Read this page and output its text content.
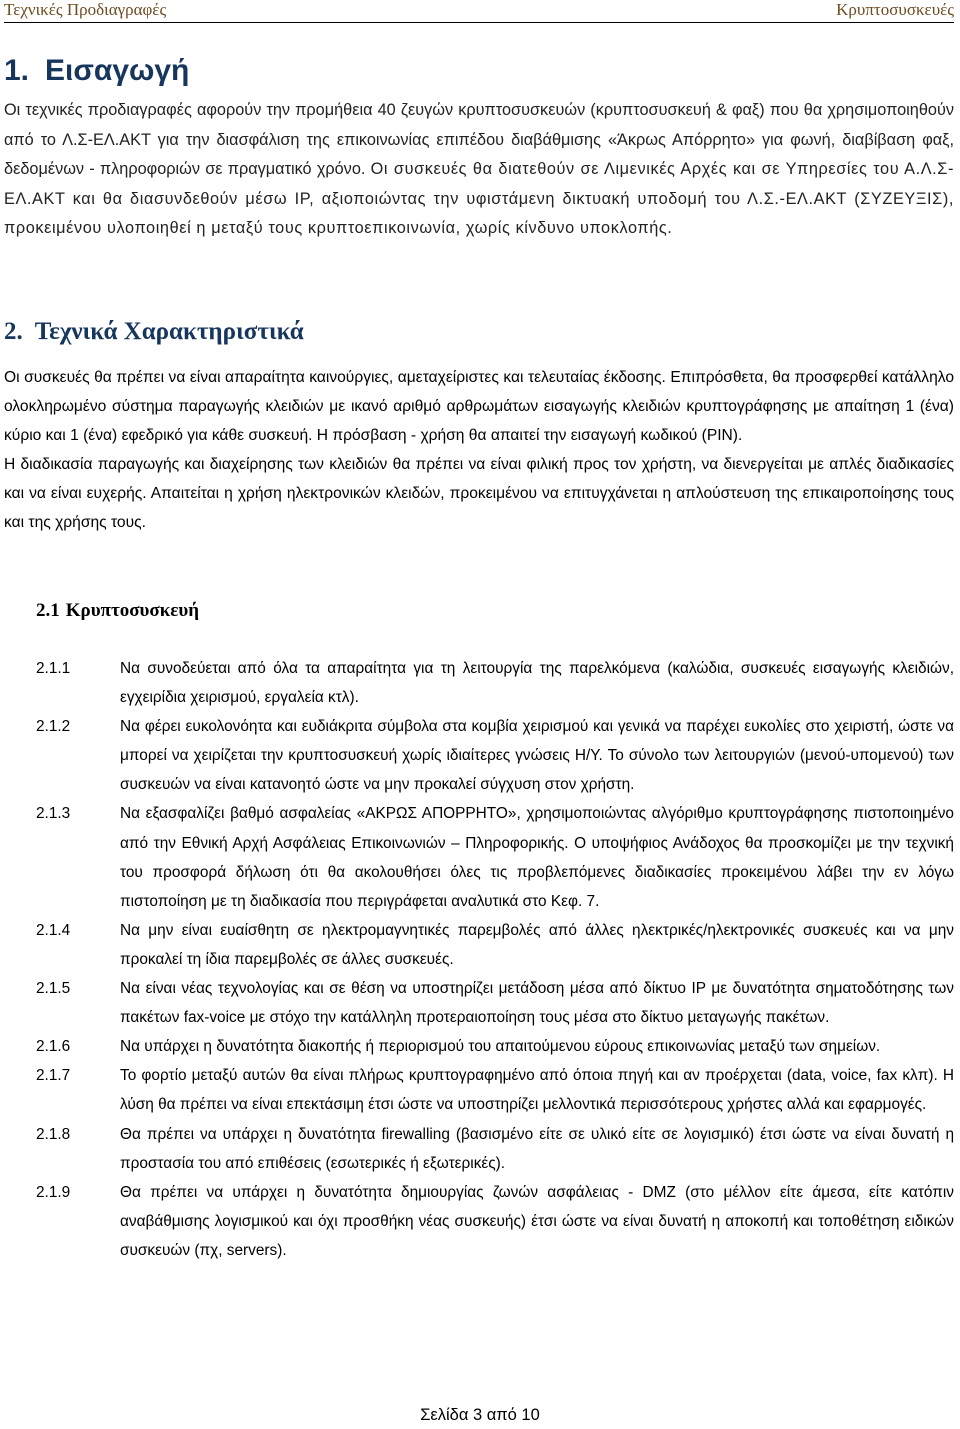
Τεχνικές Προδιαγραφές	Κρυπτοσυσκευές
1. Εισαγωγή

Οι τεχνικές προδιαγραφές αφορούν την προμήθεια 40 ζευγών κρυπτοσυσκευών (κρυπτοσυσκευή & φαξ) που θα χρησιμοποιηθούν από το Λ.Σ-ΕΛ.ΑΚΤ για την διασφάλιση της επικοινωνίας επιπέδου διαβάθμισης «Άκρως Απόρρητο» για φωνή, διαβίβαση φαξ, δεδομένων - πληροφοριών σε πραγματικό χρόνο. Οι συσκευές θα διατεθούν σε Λιμενικές Αρχές και σε Υπηρεσίες του Α.Λ.Σ-ΕΛ.ΑΚΤ και θα διασυνδεθούν μέσω IP, αξιοποιώντας την υφιστάμενη δικτυακή υποδομή του Λ.Σ.-ΕΛ.ΑΚΤ (ΣΥΖΕΥΞΙΣ), προκειμένου υλοποιηθεί η μεταξύ τους κρυπτοεπικοινωνία, χωρίς κίνδυνο υποκλοπής.

2. Τεχνικά Χαρακτηριστικά

Οι συσκευές θα πρέπει να είναι απαραίτητα καινούργιες, αμεταχείριστες και τελευταίας έκδοσης. Επιπρόσθετα, θα προσφερθεί κατάλληλο ολοκληρωμένο σύστημα παραγωγής κλειδιών με ικανό αριθμό αρθρωμάτων εισαγωγής κλειδιών κρυπτογράφησης με απαίτηση 1 (ένα) κύριο και 1 (ένα) εφεδρικό για κάθε συσκευή. Η πρόσβαση - χρήση θα απαιτεί την εισαγωγή κωδικού (PIN).

Η διαδικασία παραγωγής και διαχείρησης των κλειδιών θα πρέπει να είναι φιλική προς τον χρήστη, να διενεργείται με απλές διαδικασίες και να είναι ευχερής. Απαιτείται η χρήση ηλεκτρονικών κλειδών, προκειμένου να επιτυγχάνεται η απλούστευση της επικαιροποίησης τους και της χρήσης τους.

2.1 Κρυπτοσυσκευή
2.1.1	Να συνοδεύεται από όλα τα απαραίτητα για τη λειτουργία της παρελκόμενα (καλώδια, συσκευές εισαγωγής κλειδιών, εγχειρίδια χειρισμού, εργαλεία κτλ).
2.1.2	Να φέρει ευκολονόητα και ευδιάκριτα σύμβολα στα κομβία χειρισμού και γενικά να παρέχει ευκολίες στο χειριστή, ώστε να μπορεί να χειρίζεται την κρυπτοσυσκευή χωρίς ιδιαίτερες γνώσεις Η/Υ. Το σύνολο των λειτουργιών (μενού-υπομενού) των συσκευών να είναι κατανοητό ώστε να μην προκαλεί σύγχυση στον χρήστη.
2.1.3	Να εξασφαλίζει βαθμό ασφαλείας «ΑΚΡΩΣ ΑΠΟΡΡΗΤΟ», χρησιμοποιώντας αλγόριθμο κρυπτογράφησης πιστοποιημένο από την Εθνική Αρχή Ασφάλειας Επικοινωνιών – Πληροφορικής. Ο υποψήφιος Ανάδοχος θα προσκομίζει με την τεχνική του προσφορά δήλωση ότι θα ακολουθήσει όλες τις προβλεπόμενες διαδικασίες προκειμένου λάβει την εν λόγω πιστοποίηση με τη διαδικασία που περιγράφεται αναλυτικά στο Κεφ. 7.
2.1.4	Να μην είναι ευαίσθητη σε ηλεκτρομαγνητικές παρεμβολές από άλλες ηλεκτρικές/ηλεκτρονικές συσκευές και να μην προκαλεί τη ίδια παρεμβολές σε άλλες συσκευές.
2.1.5	Να είναι νέας τεχνολογίας και σε θέση να υποστηρίζει μετάδοση μέσα από δίκτυο IP με δυνατότητα σηματοδότησης των πακέτων fax-voice με στόχο την κατάλληλη προτεραιοποίηση τους μέσα στο δίκτυο μεταγωγής πακέτων.
2.1.6	Να υπάρχει η δυνατότητα διακοπής ή περιορισμού του απαιτούμενου εύρους επικοινωνίας μεταξύ των σημείων.
2.1.7	Το φορτίο μεταξύ αυτών θα είναι πλήρως κρυπτογραφημένο από όποια πηγή και αν προέρχεται (data, voice, fax κλπ). Η λύση θα πρέπει να είναι επεκτάσιμη έτσι ώστε να υποστηρίζει μελλοντικά περισσότερους χρήστες αλλά και εφαρμογές.
2.1.8	Θα πρέπει να υπάρχει η δυνατότητα firewalling (βασισμένο είτε σε υλικό είτε σε λογισμικό) έτσι ώστε να είναι δυνατή η προστασία του από επιθέσεις (εσωτερικές ή εξωτερικές).
2.1.9	Θα πρέπει να υπάρχει η δυνατότητα δημιουργίας ζωνών ασφάλειας - DMZ (στο μέλλον είτε άμεσα, είτε κατόπιν αναβάθμισης λογισμικού και όχι προσθήκη νέας συσκευής) έτσι ώστε να είναι δυνατή η αποκοπή και τοποθέτηση ειδικών συσκευών (πχ, servers).
Σελίδα 3 από 10
